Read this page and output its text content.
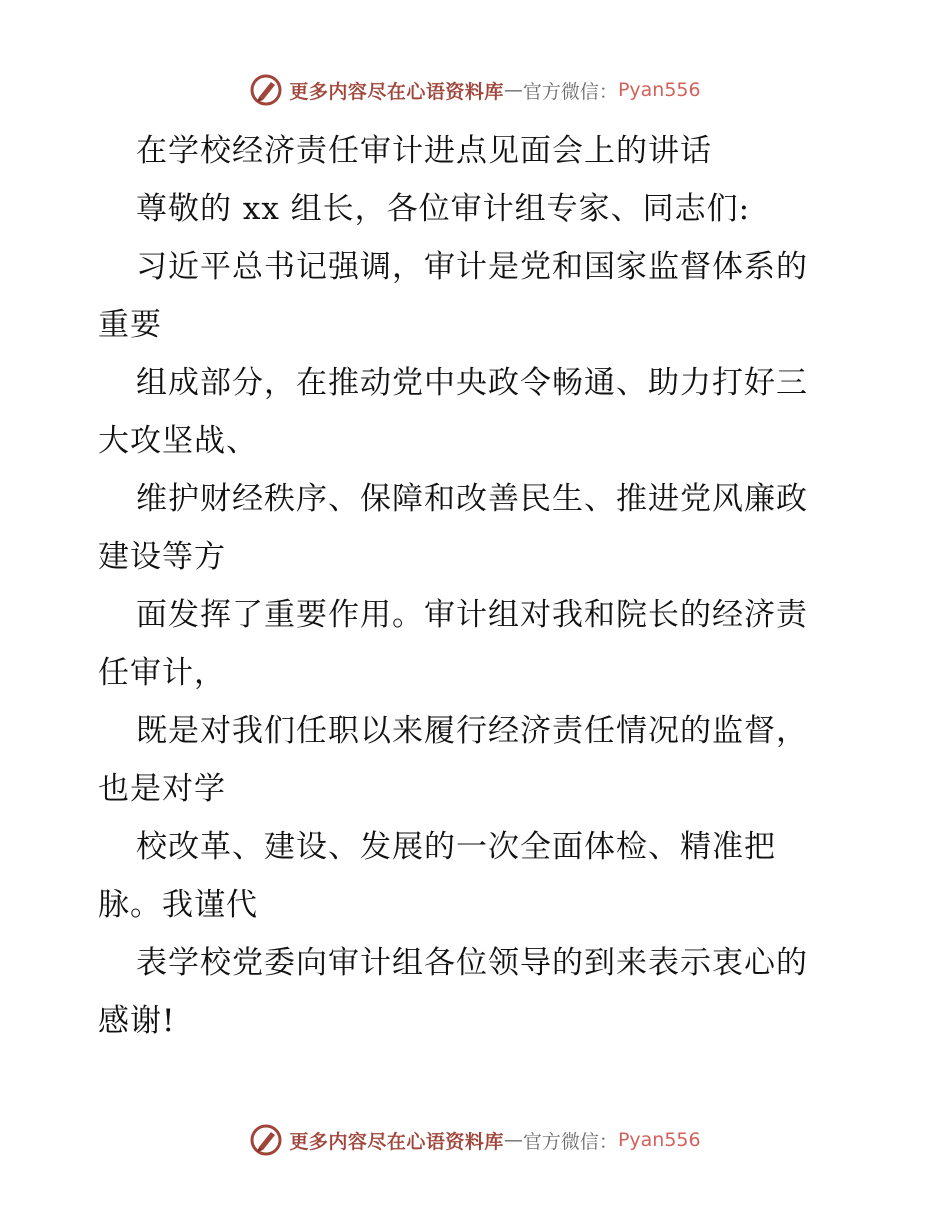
更多内容尽在心语资料库 — 官方微信： Pyan556
在学校经济责任审计进点见面会上的讲话
尊敬的 xx 组长，各位审计组专家、同志们:
习近平总书记强调，审计是党和国家监督体系的
重要
组成部分，在推动党中央政令畅通、助力打好三
大攻坚战、
维护财经秩序、保障和改善民生、推进党风廉政
建设等方
面发挥了重要作用。审计组对我和院长的经济责
任审计，
既是对我们任职以来履行经济责任情况的监督，
也是对学
校改革、建设、发展的一次全面体检、精准把
脉。我谨代
表学校党委向审计组各位领导的到来表示衷心的
感谢!
更多内容尽在心语资料库 — 官方微信： Pyan556
